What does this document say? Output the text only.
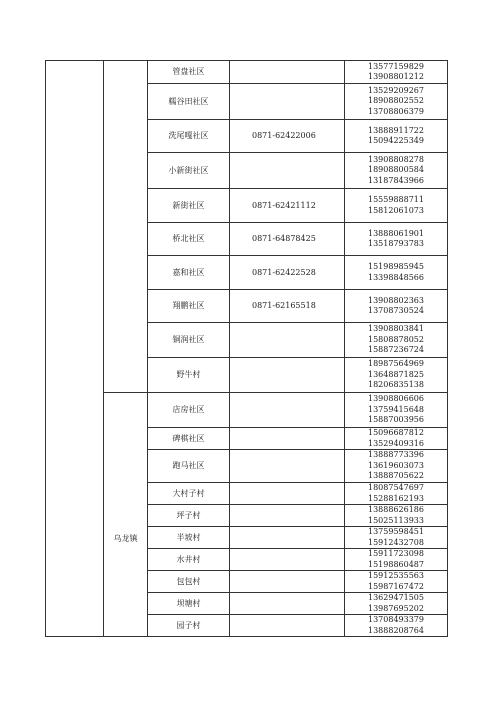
		管盘社区		13577159829
13908801212

		糯谷田社区		13529209267
18908802552
13708806379

		洗尾嘎社区	0871-62422006	13888911722
15094225349

		小新街社区		13908808278
18908800584
13187843966

		新街社区	0871-62421112	15559888711
15812061073

		桥北社区	0871-64878425	13888061901
13518793783

		嘉和社区	0871-62422528	15198985945
13398848566

		翔鹏社区	0871-62165518	13908802363
13708730524

		铜润社区		13908803841
15808878052
15887236724

		野牛村		18987564969
13648871825
18206835138

	乌龙镇	店房社区		13908806606
13759415648
15887003956

		碑棋社区		15096687812
13529409316

		跑马社区		13888773396
13619603073
13888705622

		大村子村		18087547697
15288162193

		坪子村		13888626186
15025113933

		半坡村		13759598451
15912432708

		水井村		15911723098
15198860487

		包包村		15912535563
15987167472

		坝塘村		13629471505
13987695202

		园子村		13708493379
13888208764
